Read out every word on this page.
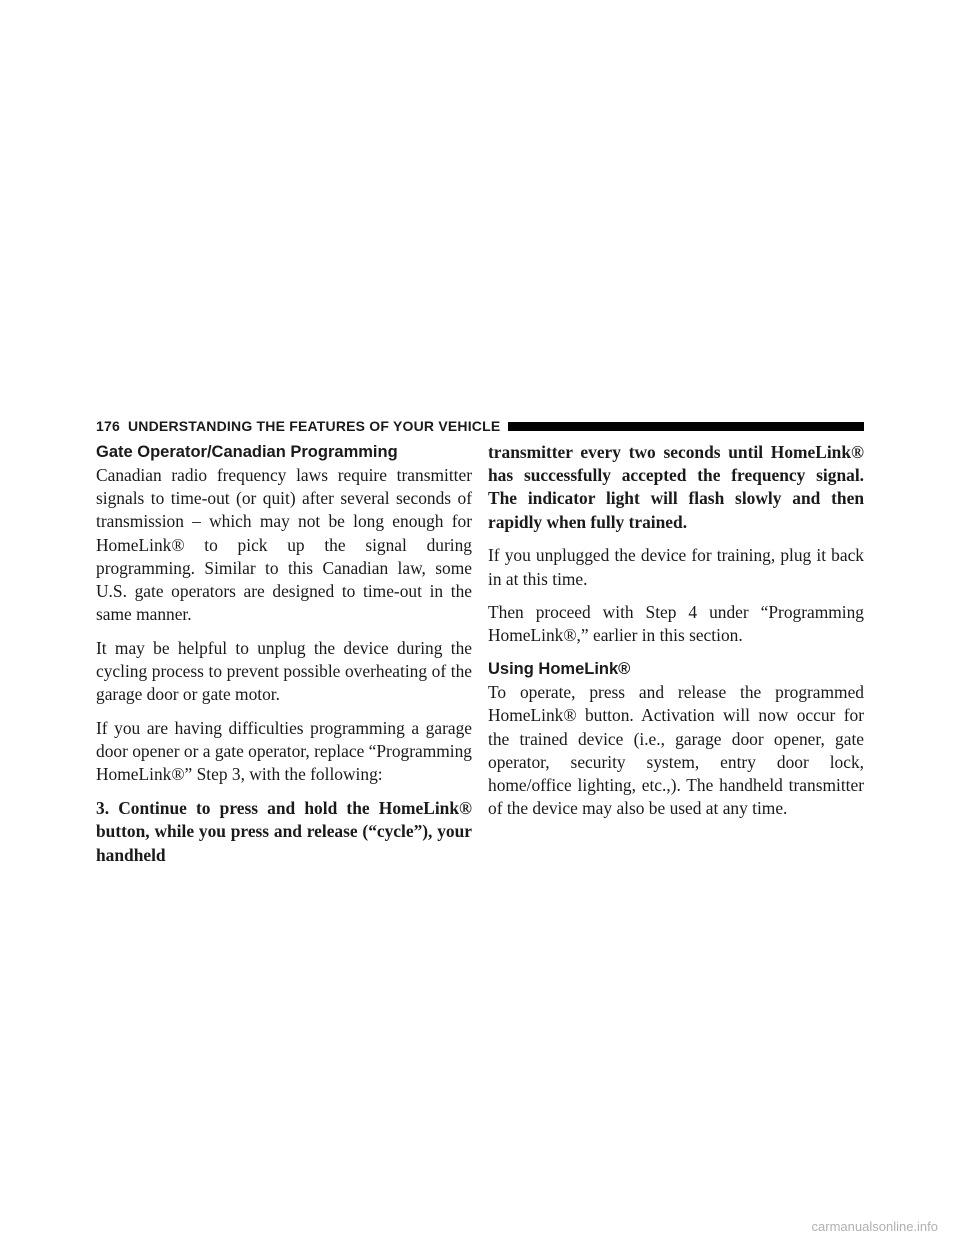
176 UNDERSTANDING THE FEATURES OF YOUR VEHICLE
Gate Operator/Canadian Programming

Canadian radio frequency laws require transmitter signals to time-out (or quit) after several seconds of transmission – which may not be long enough for HomeLink® to pick up the signal during programming. Similar to this Canadian law, some U.S. gate operators are designed to time-out in the same manner.

It may be helpful to unplug the device during the cycling process to prevent possible overheating of the garage door or gate motor.

If you are having difficulties programming a garage door opener or a gate operator, replace “Programming HomeLink®” Step 3, with the following:

3. Continue to press and hold the HomeLink® button, while you press and release (“cycle”), your handheld

transmitter every two seconds until HomeLink® has successfully accepted the frequency signal. The indicator light will flash slowly and then rapidly when fully trained.

If you unplugged the device for training, plug it back in at this time.

Then proceed with Step 4 under “Programming HomeLink®,” earlier in this section.

Using HomeLink®

To operate, press and release the programmed HomeLink® button. Activation will now occur for the trained device (i.e., garage door opener, gate operator, security system, entry door lock, home/office lighting, etc.,). The handheld transmitter of the device may also be used at any time.

carmanualsonline.info
